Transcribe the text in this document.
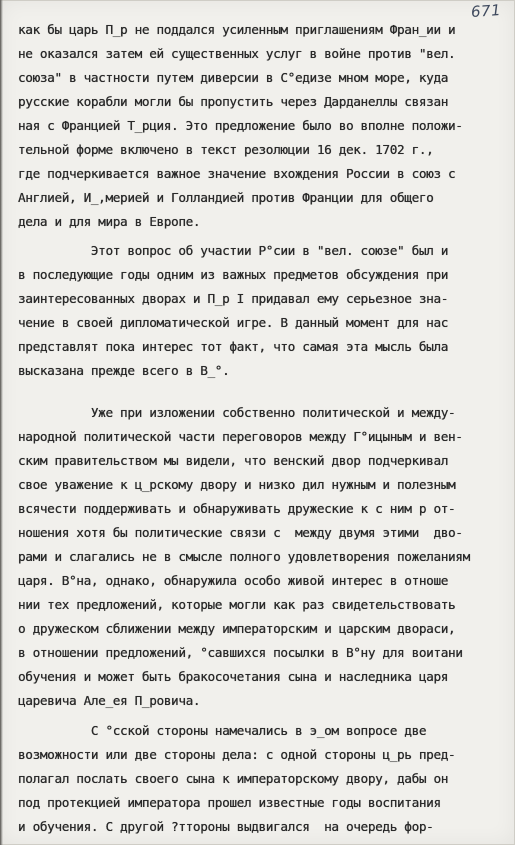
671
как бы царь П_р не поддался усиленным приглашениям Фран_ии и
не оказался затем ей существенных услуг в войне против "вел.
союза" в частности путем диверсии в С°едизе мном море, куда
русские корабли могли бы пропустить через Дарданеллы связан
ная с Францией Т_рция. Это предложение было во вполне положи-
тельной форме включено в текст резолюции 16 дек. 1702 г.,
где подчеркивается важное значение вхождения России в союз с
Англией, И_,мерией и Голландией против Франции для общего
дела и для мира в Европе.
Этот вопрос об участии Р°сии в "вел. союзе" был и
в последующие годы одним из важных предметов обсуждения при
заинтересованных дворах и П_р I придавал ему серьезное зна-
чение в своей дипломатической игре. В данный момент для нас
представлят пока интерес тот факт, что самая эта мысль была
высказана прежде всего в В_°.
Уже при изложении собственно политической и между-
народной политической части переговоров между Г°ицыным и вен-
ским правительством мы видели, что венский двор подчеркивал
свое уважение к ц_рскому двору и низко дил нужным и полезным
всячести поддерживать и обнаруживать дружеские к с ним р от-
ношения хотя бы политические связи с  между двумя этими  дво-
рами и слагались не в смысле полного удовлетворения пожеланиям
царя. В°на, однако, обнаружила особо живой интерес в отноше
нии тех предложений, которые могли как раз свидетельствовать
о дружеском сближении между императорским и царским двораси,
в отношении предложений, °савшихся посылки в В°ну для воитани
обучения и может быть бракосочетания сына и наследника царя
царевича Але_ея П_ровича.
С °сской стороны намечались в э_ом вопросе две
возможности или две стороны дела: с одной стороны ц_рь пред-
полагал послать своего сына к императорскому двору, дабы он
под протекцией императора прошел известные годы воспитания
и обучения. С другой ?ттороны выдвигался  на очередь фор-
